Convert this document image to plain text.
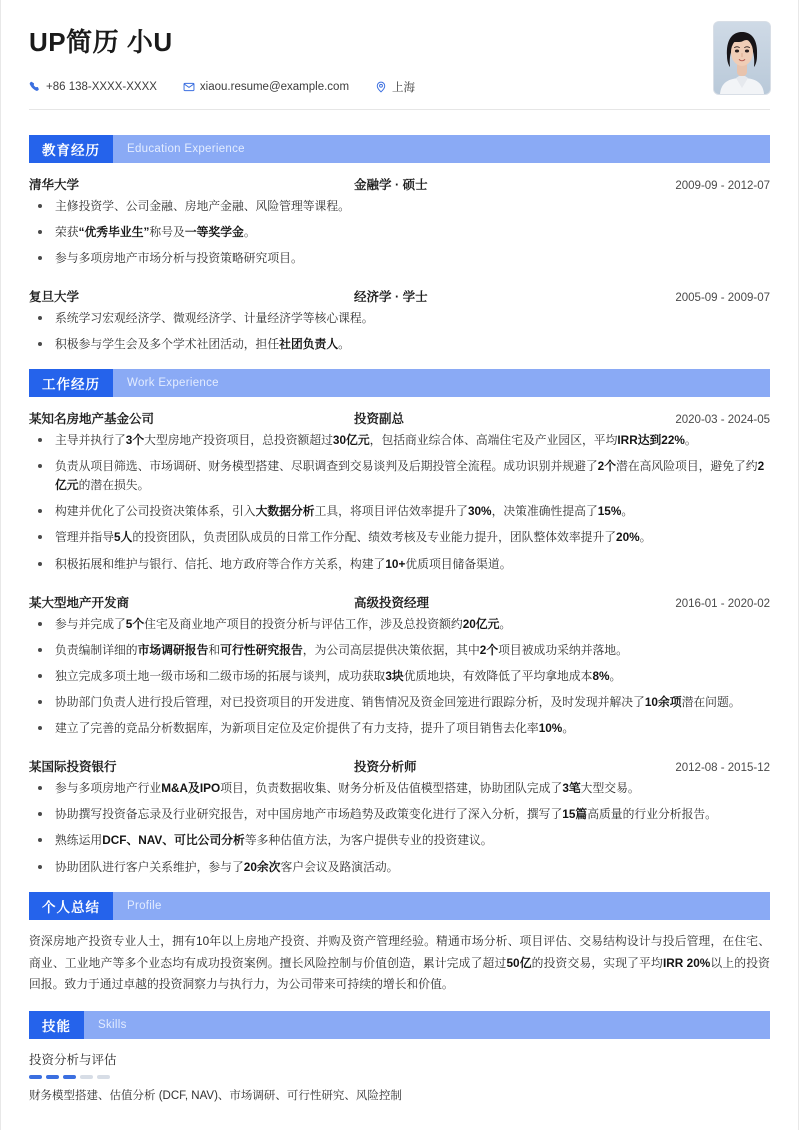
UP简历 小U
+86 138-XXXX-XXXX	xiaou.resume@example.com	上海
教育经历	Education Experience
清华大学	金融学 · 硕士	2009-09 - 2012-07
主修投资学、公司金融、房地产金融、风险管理等课程。
荣获“优秀毕业生”称号及一等奖学金。
参与多项房地产市场分析与投资策略研究项目。
复旦大学	经济学 · 学士	2005-09 - 2009-07
系统学习宏观经济学、微观经济学、计量经济学等核心课程。
积极参与学生会及多个学术社团活动，担任社团负责人。
工作经历	Work Experience
某知名房地产基金公司	投资副总	2020-03 - 2024-05
主导并执行了3个大型房地产投资项目，总投资额超过30亿元，包括商业综合体、高端住宅及产业园区，平均IRR达到22%。
负责从项目筛选、市场调研、财务模型搭建、尽职调查到交易谈判及后期投管全流程。成功识别并规避了2个潜在高风险项目，避免了约2亿元的潜在损失。
构建并优化了公司投资决策体系，引入大数据分析工具，将项目评估效率提升了30%，决策准确性提高了15%。
管理并指导5人的投资团队，负责团队成员的日常工作分配、绩效考核及专业能力提升，团队整体效率提升了20%。
积极拓展和维护与银行、信托、地方政府等合作方关系，构建了10+优质项目储备渠道。
某大型地产开发商	高级投资经理	2016-01 - 2020-02
参与并完成了5个住宅及商业地产项目的投资分析与评估工作，涉及总投资额约20亿元。
负责编制详细的市场调研报告和可行性研究报告，为公司高层提供决策依据，其中2个项目被成功采纳并落地。
独立完成多项土地一级市场和二级市场的拓展与谈判，成功获取3块优质地块，有效降低了平均拿地成本8%。
协助部门负责人进行投后管理，对已投资项目的开发进度、销售情况及资金回笼进行跟踪分析，及时发现并解决了10余项潜在问题。
建立了完善的竞品分析数据库，为新项目定位及定价提供了有力支持，提升了项目销售去化率10%。
某国际投资银行	投资分析师	2012-08 - 2015-12
参与多项房地产行业M&A及IPO项目，负责数据收集、财务分析及估值模型搭建，协助团队完成了3笔大型交易。
协助撰写投资备忘录及行业研究报告，对中国房地产市场趋势及政策变化进行了深入分析，撰写了15篇高质量的行业分析报告。
熟练运用DCF、NAV、可比公司分析等多种估值方法，为客户提供专业的投资建议。
协助团队进行客户关系维护，参与了20余次客户会议及路演活动。
个人总结	Profile
资深房地产投资专业人士，拥有10年以上房地产投资、并购及资产管理经验。精通市场分析、项目评估、交易结构设计与投后管理，在住宅、商业、工业地产等多个业态均有成功投资案例。擅长风险控制与价值创造，累计完成了超过50亿的投资交易，实现了平均IRR 20%以上的投资回报。致力于通过卓越的投资洞察力与执行力，为公司带来可持续的增长和价值。
技能	Skills
投资分析与评估
财务模型搭建、估值分析 (DCF, NAV)、市场调研、可行性研究、风险控制
